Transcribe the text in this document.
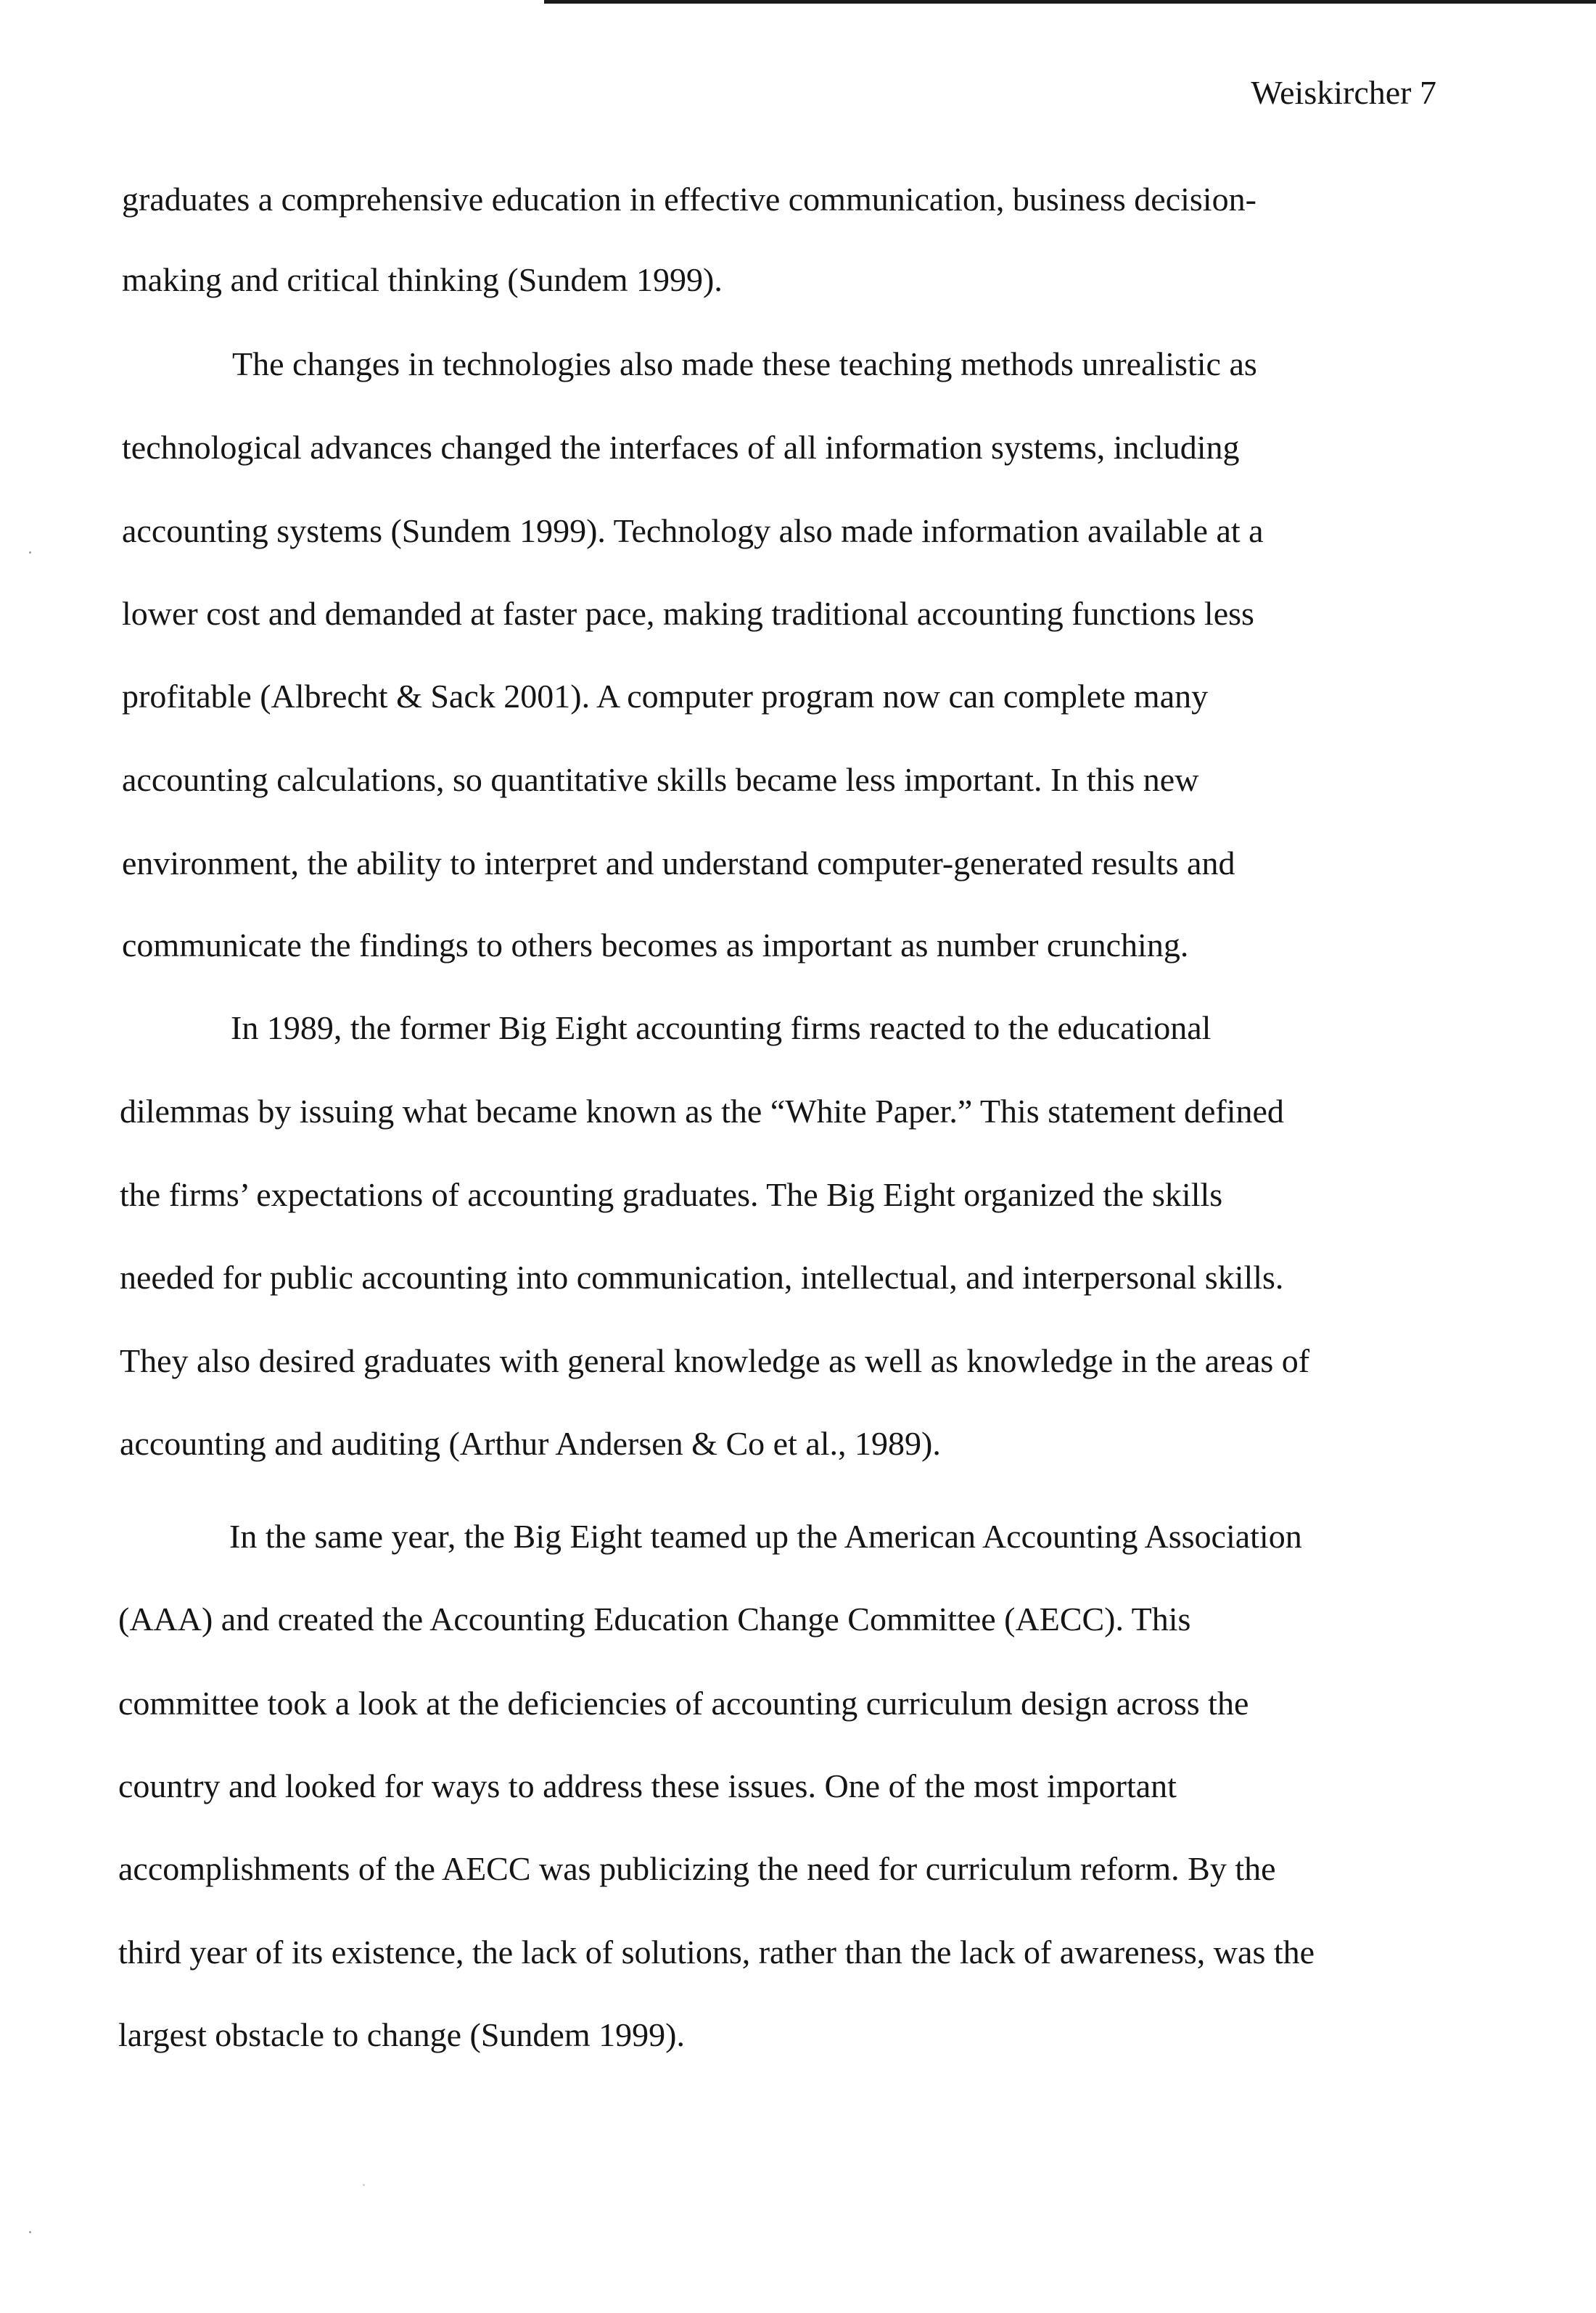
Weiskircher 7
graduates a comprehensive education in effective communication, business decision-
making and critical thinking (Sundem 1999).
The changes in technologies also made these teaching methods unrealistic as
technological advances changed the interfaces of all information systems, including
accounting systems (Sundem 1999). Technology also made information available at a
lower cost and demanded at faster pace, making traditional accounting functions less
profitable (Albrecht & Sack 2001). A computer program now can complete many
accounting calculations, so quantitative skills became less important. In this new
environment, the ability to interpret and understand computer-generated results and
communicate the findings to others becomes as important as number crunching.
In 1989, the former Big Eight accounting firms reacted to the educational
dilemmas by issuing what became known as the “White Paper.” This statement defined
the firms’ expectations of accounting graduates. The Big Eight organized the skills
needed for public accounting into communication, intellectual, and interpersonal skills.
They also desired graduates with general knowledge as well as knowledge in the areas of
accounting and auditing (Arthur Andersen & Co et al., 1989).
In the same year, the Big Eight teamed up the American Accounting Association
(AAA) and created the Accounting Education Change Committee (AECC). This
committee took a look at the deficiencies of accounting curriculum design across the
country and looked for ways to address these issues. One of the most important
accomplishments of the AECC was publicizing the need for curriculum reform. By the
third year of its existence, the lack of solutions, rather than the lack of awareness, was the
largest obstacle to change (Sundem 1999).
